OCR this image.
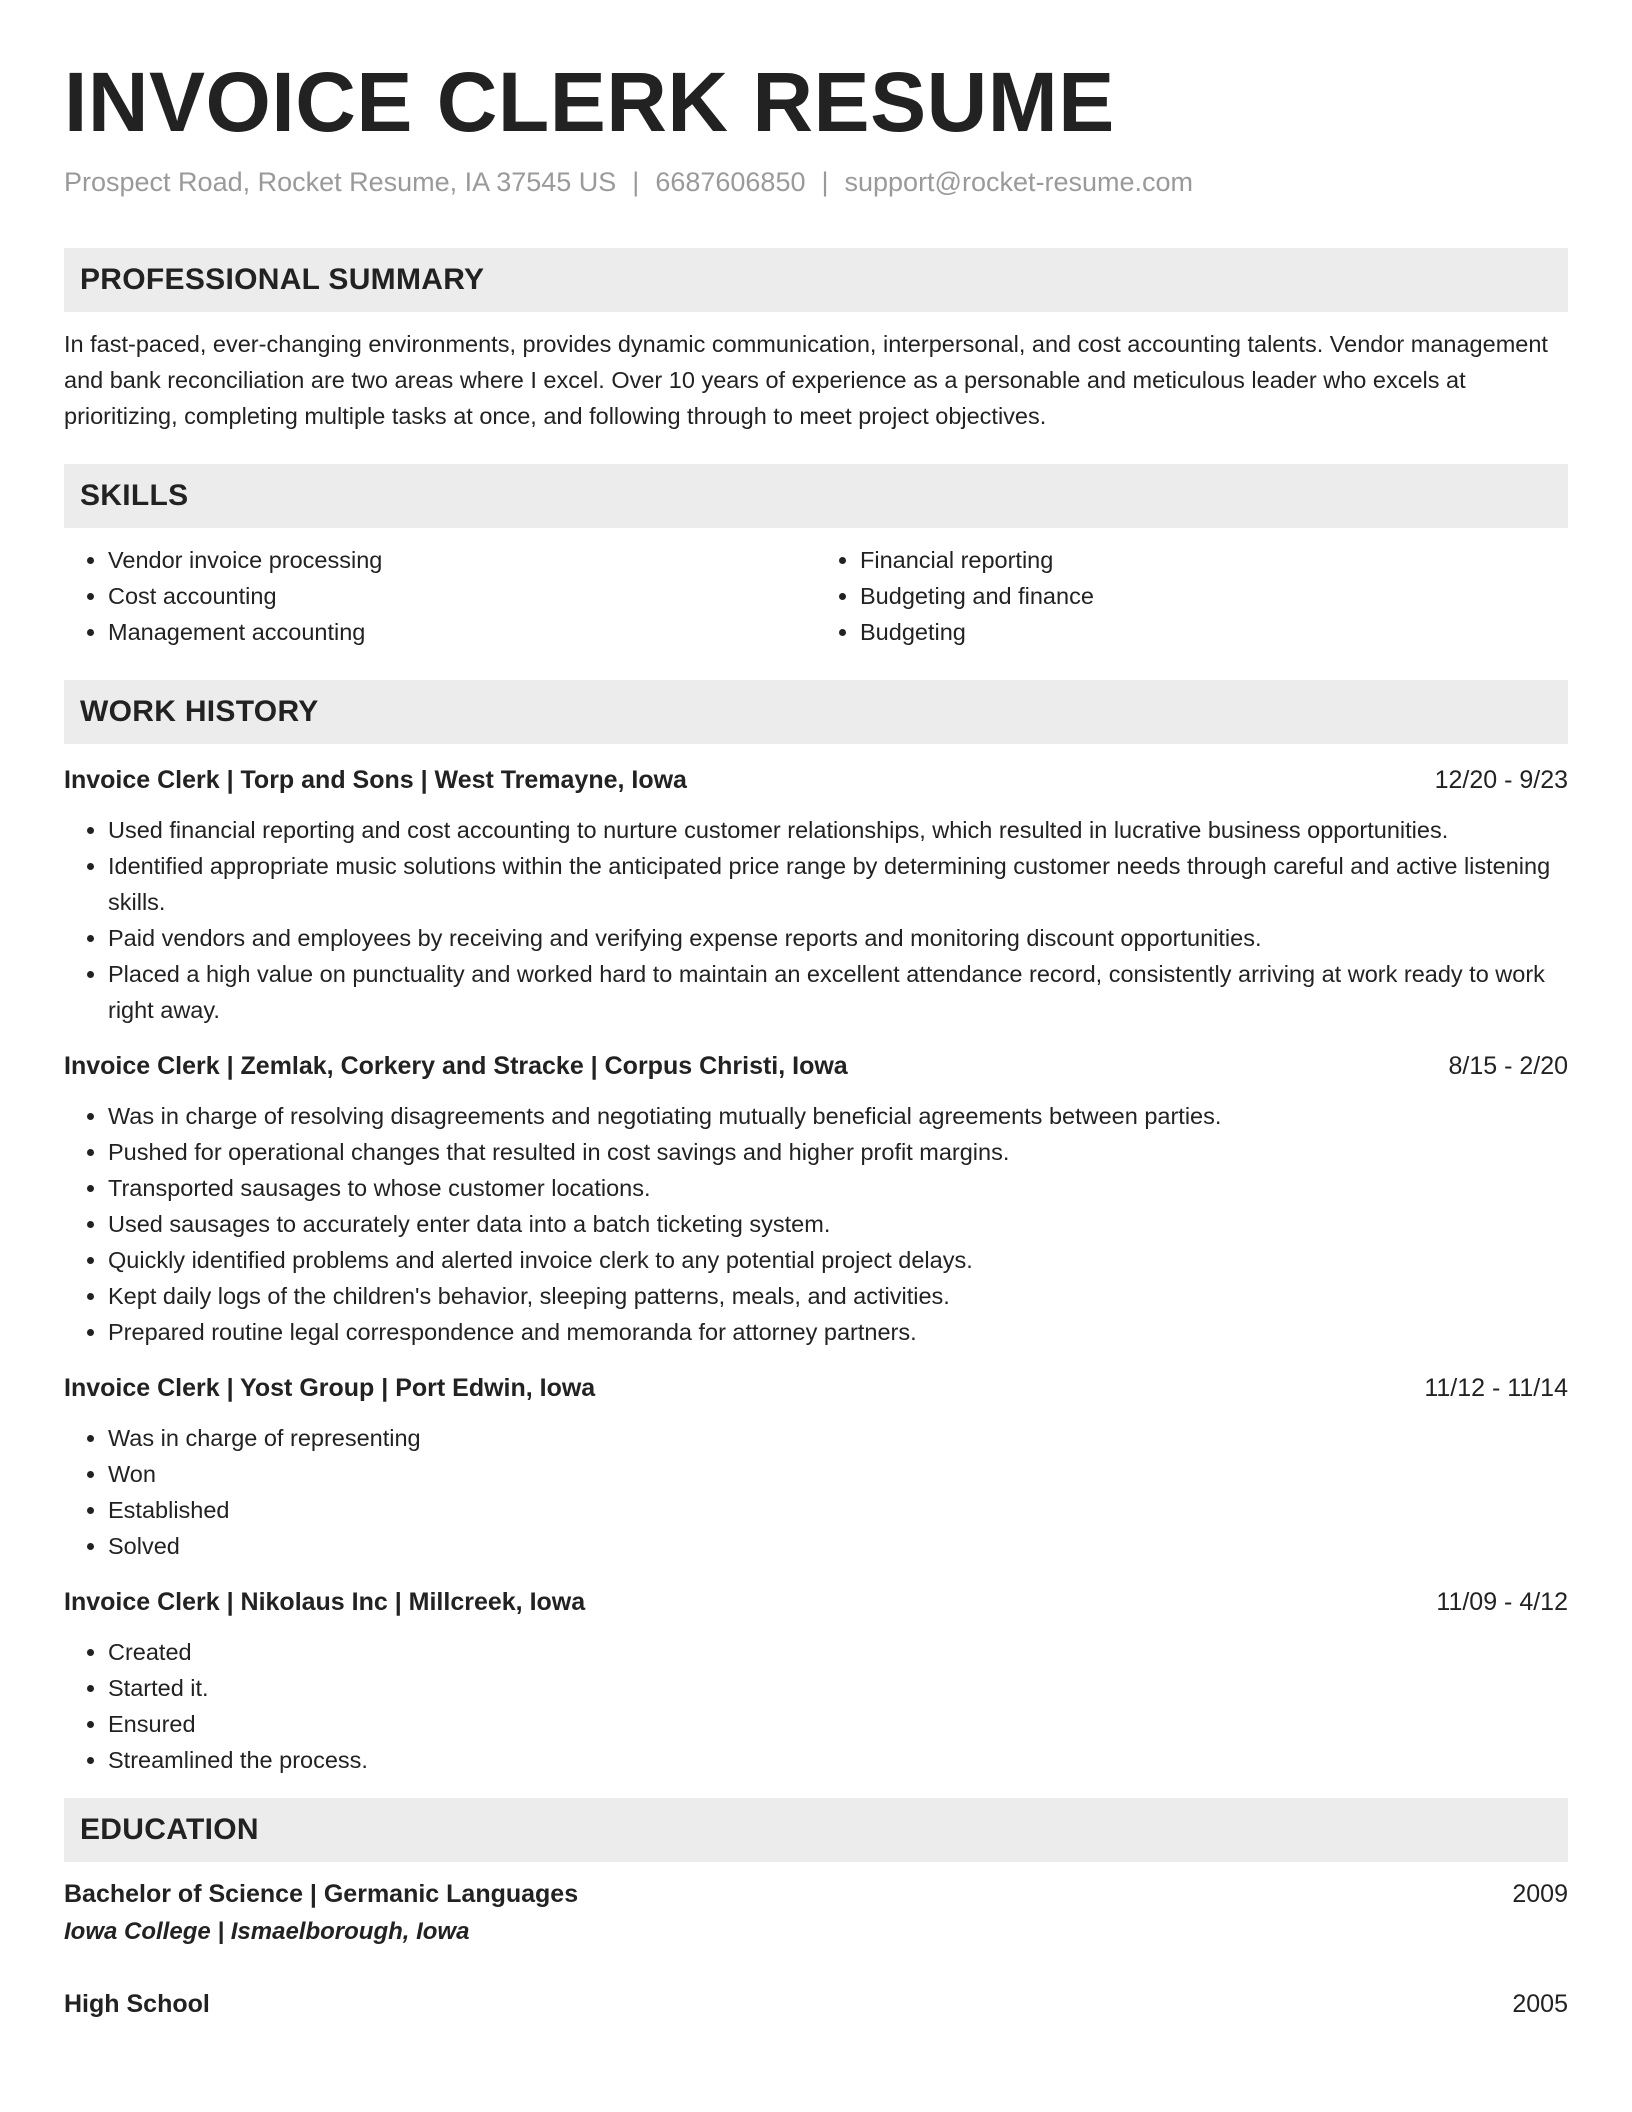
INVOICE CLERK RESUME
Prospect Road, Rocket Resume, IA 37545 US | 6687606850 | support@rocket-resume.com
PROFESSIONAL SUMMARY

In fast-paced, ever-changing environments, provides dynamic communication, interpersonal, and cost accounting talents. Vendor management and bank reconciliation are two areas where I excel. Over 10 years of experience as a personable and meticulous leader who excels at prioritizing, completing multiple tasks at once, and following through to meet project objectives.

SKILLS
• Vendor invoice processing
• Cost accounting
• Management accounting
• Financial reporting
• Budgeting and finance
• Budgeting
WORK HISTORY
Invoice Clerk | Torp and Sons | West Tremayne, Iowa	12/20 - 9/23
• Used financial reporting and cost accounting to nurture customer relationships, which resulted in lucrative business opportunities.
• Identified appropriate music solutions within the anticipated price range by determining customer needs through careful and active listening skills.
• Paid vendors and employees by receiving and verifying expense reports and monitoring discount opportunities.
• Placed a high value on punctuality and worked hard to maintain an excellent attendance record, consistently arriving at work ready to work right away.
Invoice Clerk | Zemlak, Corkery and Stracke | Corpus Christi, Iowa	8/15 - 2/20
• Was in charge of resolving disagreements and negotiating mutually beneficial agreements between parties.
• Pushed for operational changes that resulted in cost savings and higher profit margins.
• Transported sausages to whose customer locations.
• Used sausages to accurately enter data into a batch ticketing system.
• Quickly identified problems and alerted invoice clerk to any potential project delays.
• Kept daily logs of the children's behavior, sleeping patterns, meals, and activities.
• Prepared routine legal correspondence and memoranda for attorney partners.
Invoice Clerk | Yost Group | Port Edwin, Iowa	11/12 - 11/14
• Was in charge of representing
• Won
• Established
• Solved
Invoice Clerk | Nikolaus Inc | Millcreek, Iowa	11/09 - 4/12
• Created
• Started it.
• Ensured
• Streamlined the process.
EDUCATION
Bachelor of Science | Germanic Languages	2009
Iowa College | Ismaelborough, Iowa
High School	2005
